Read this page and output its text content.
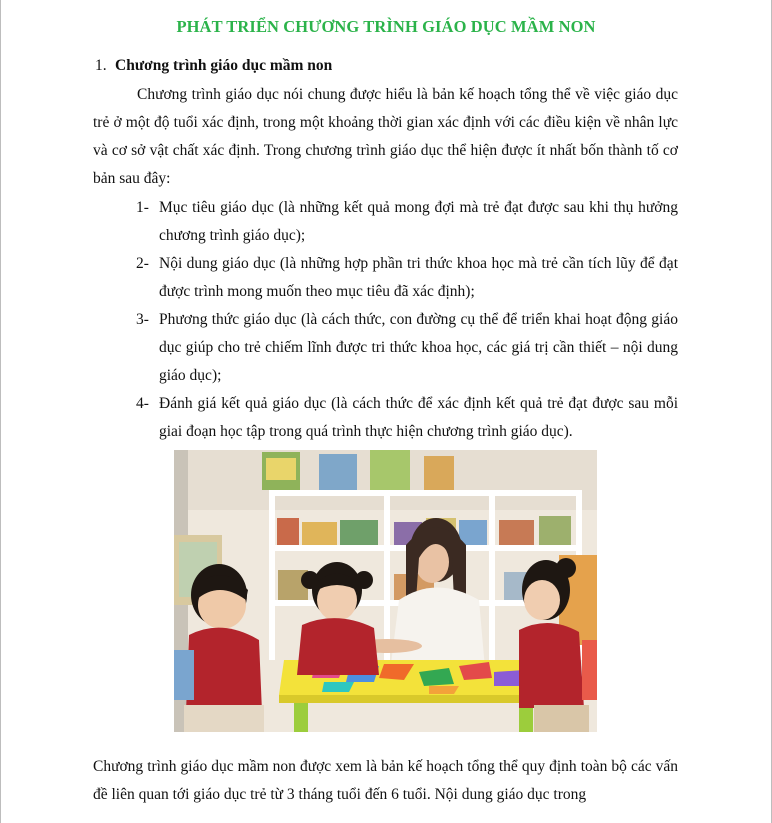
PHÁT TRIỂN CHƯƠNG TRÌNH GIÁO DỤC MẦM NON
1. Chương trình giáo dục mầm non
Chương trình giáo dục nói chung được hiểu là bản kế hoạch tổng thể về việc giáo dục trẻ ở một độ tuổi xác định, trong một khoảng thời gian xác định với các điều kiện về nhân lực và cơ sở vật chất xác định. Trong chương trình giáo dục thể hiện được ít nhất bốn thành tố cơ bản sau đây:
1- Mục tiêu giáo dục (là những kết quả mong đợi mà trẻ đạt được sau khi thụ hưởng chương trình giáo dục);
2- Nội dung giáo dục (là những hợp phần tri thức khoa học mà trẻ cần tích lũy để đạt được trình mong muốn theo mục tiêu đã xác định);
3- Phương thức giáo dục (là cách thức, con đường cụ thể để triển khai hoạt động giáo dục giúp cho trẻ chiếm lĩnh được tri thức khoa học, các giá trị cần thiết – nội dung giáo dục);
4- Đánh giá kết quả giáo dục (là cách thức để xác định kết quả trẻ đạt được sau mỗi giai đoạn học tập trong quá trình thực hiện chương trình giáo dục).
Chương trình giáo dục mầm non được xem là bản kế hoạch tổng thể quy định toàn bộ các vấn đề liên quan tới giáo dục trẻ từ 3 tháng tuổi đến 6 tuổi. Nội dung giáo dục trong
